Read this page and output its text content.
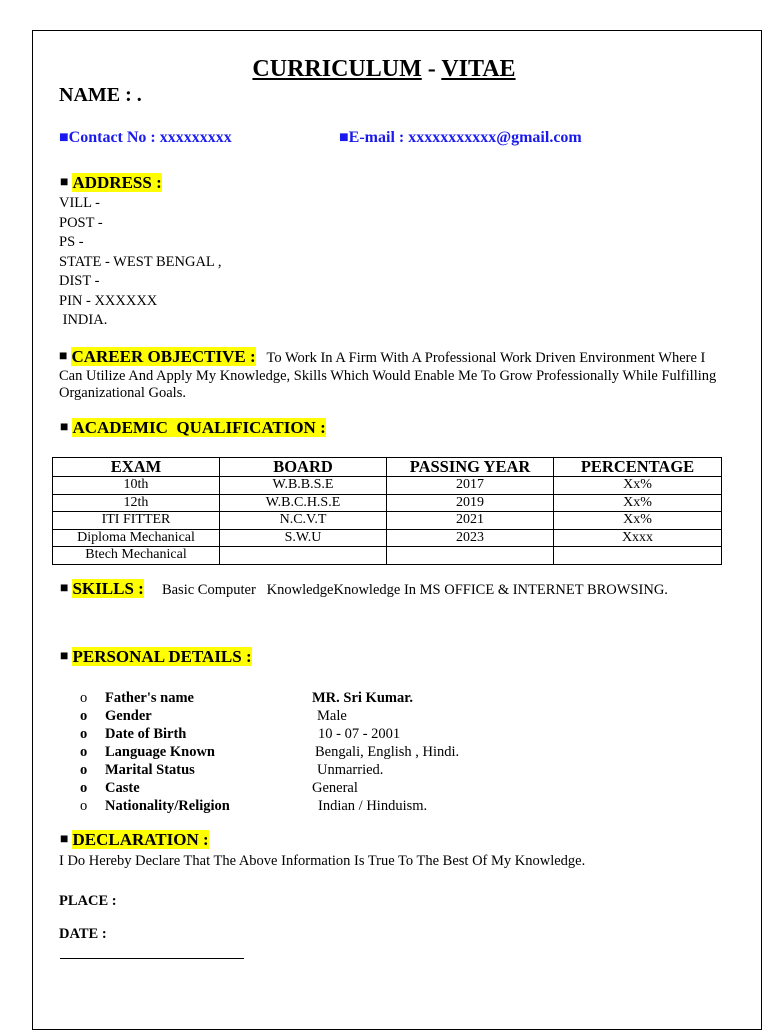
CURRICULUM - VITAE
NAME : .
■Contact No : xxxxxxxxx	■E-mail : xxxxxxxxxxx@gmail.com
■ ADDRESS :
VILL -
POST -
PS -
STATE - WEST BENGAL ,
DIST -
PIN - XXXXXX
INDIA.
■ CAREER OBJECTIVE : To Work In A Firm With A Professional Work Driven Environment Where I Can Utilize And Apply My Knowledge, Skills Which Would Enable Me To Grow Professionally While Fulfilling Organizational Goals.
■ ACADEMIC  QUALIFICATION :
EXAM	BOARD	PASSING YEAR	PERCENTAGE
10th	W.B.B.S.E	2017	Xx%
12th	W.B.C.H.S.E	2019	Xx%
ITI FITTER	N.C.V.T	2021	Xx%
Diploma Mechanical	S.W.U	2023	Xxxx
Btech Mechanical			
■ SKILLS : Basic Computer   KnowledgeKnowledge In MS OFFICE & INTERNET BROWSING.
■ PERSONAL DETAILS :
o	Father's name	MR. Sri Kumar.
o	Gender	Male
o	Date of Birth	10 - 07 - 2001
o	Language Known	Bengali, English , Hindi.
o	Marital Status	Unmarried.
o	Caste	General
o	Nationality/Religion	Indian / Hinduism.
■ DECLARATION :
I Do Hereby Declare That The Above Information Is True To The Best Of My Knowledge.
PLACE :
DATE :
